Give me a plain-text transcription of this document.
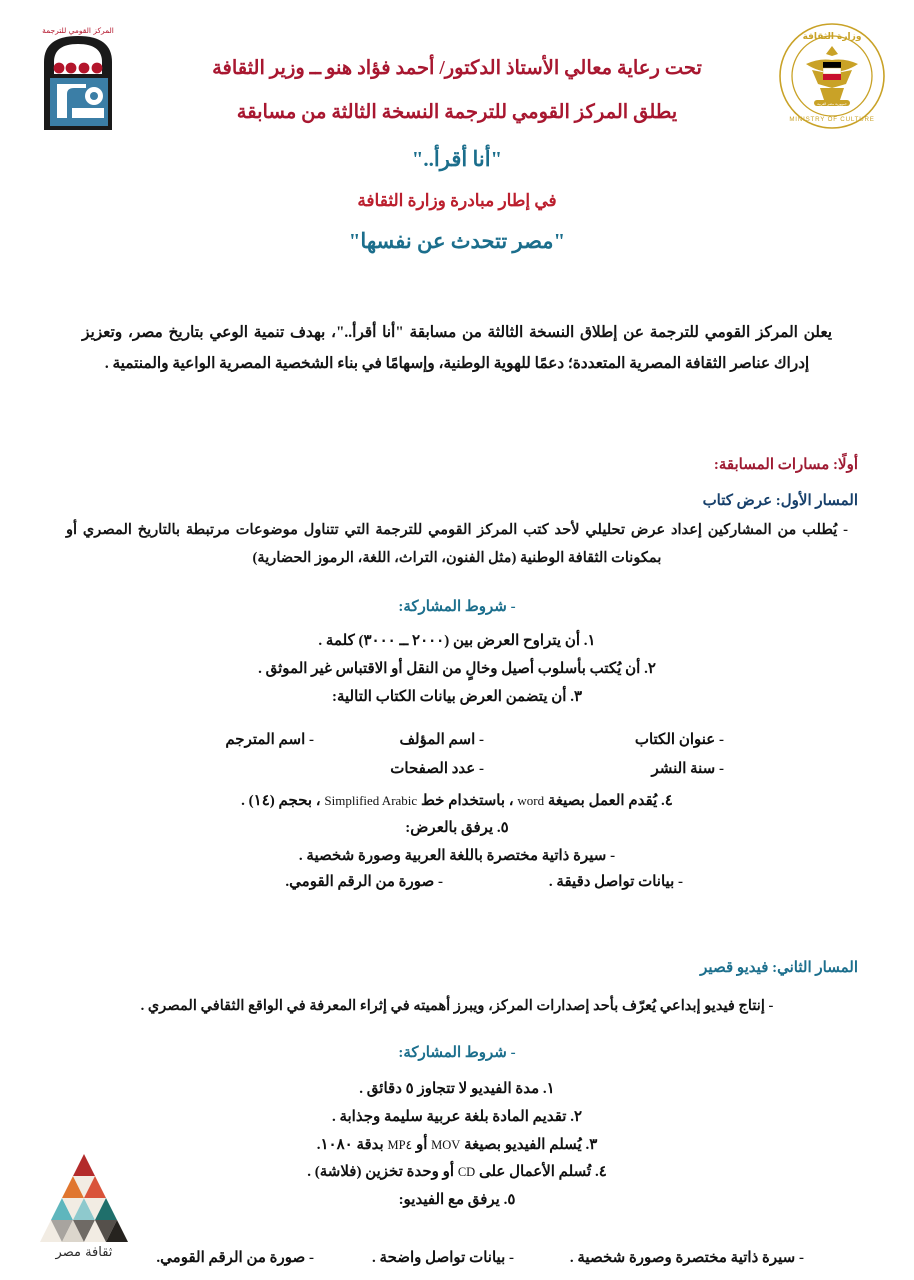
المركز القومي للترجمة
جمهورية مصر العربية
وزارة الثقافة
MINISTRY OF CULTURE
تحت رعاية معالي الأستاذ الدكتور/ أحمد فؤاد هنو ــ وزير الثقافة
يطلق المركز القومي للترجمة النسخة الثالثة من مسابقة
"أنا أقرأ.."
في إطار مبادرة وزارة الثقافة
"مصر تتحدث عن نفسها"
يعلن المركز القومي للترجمة عن إطلاق النسخة الثالثة من مسابقة "أنا أقرأ.."، بهدف تنمية الوعي بتاريخ مصر، وتعزيز إدراك عناصر الثقافة المصرية المتعددة؛ دعمًا للهوية الوطنية، وإسهامًا في بناء الشخصية المصرية الواعية والمنتمية .
أولًا: مسارات المسابقة:
المسار الأول: عرض كتاب
- يُطلب من المشاركين إعداد عرض تحليلي لأحد كتب المركز القومي للترجمة التي تتناول موضوعات مرتبطة بالتاريخ المصري أو بمكونات الثقافة الوطنية (مثل الفنون، التراث، اللغة، الرموز الحضارية)
- شروط المشاركة:
١. أن يتراوح العرض بين (٢٠٠٠ ــ ٣٠٠٠) كلمة .
٢. أن يُكتب بأسلوب أصيل وخالٍ من النقل أو الاقتباس غير الموثق .
٣. أن يتضمن العرض بيانات الكتاب التالية:
- عنوان الكتاب
- اسم المؤلف
- اسم المترجم
- سنة النشر
- عدد الصفحات
٤. يُقدم العمل بصيغة word ، باستخدام خط Simplified Arabic ، بحجم (١٤) .
٥. يرفق بالعرض:
- سيرة ذاتية مختصرة باللغة العربية وصورة شخصية .
- بيانات تواصل دقيقة .
- صورة من الرقم القومي.
المسار الثاني: فيديو قصير
- إنتاج فيديو إبداعي يُعرّف بأحد إصدارات المركز، ويبرز أهميته في إثراء المعرفة في الواقع الثقافي المصري .
- شروط المشاركة:
١. مدة الفيديو لا تتجاوز ٥ دقائق .
٢. تقديم المادة بلغة عربية سليمة وجذابة .
٣. يُسلم الفيديو بصيغة MOV أو MP٤ بدقة ١٠٨٠.
٤. تُسلم الأعمال على CD أو وحدة تخزين (فلاشة) .
٥. يرفق مع الفيديو:
- سيرة ذاتية مختصرة وصورة شخصية .
- بيانات تواصل واضحة .
- صورة من الرقم القومي.
ثقافة مصر
